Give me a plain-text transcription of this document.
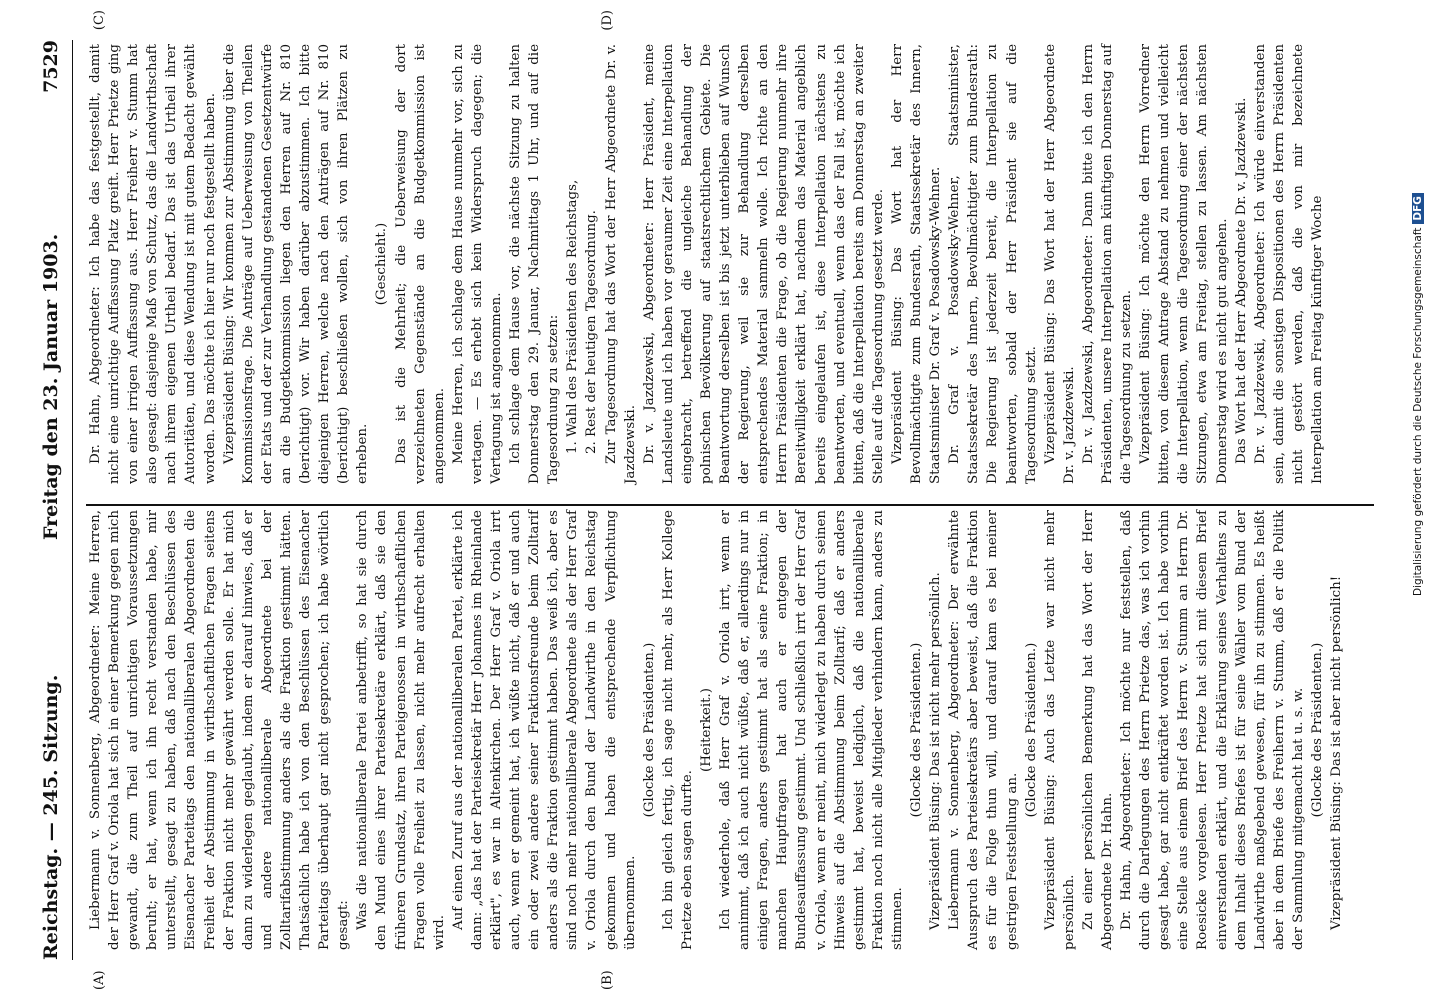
Reichstag. — 245. Sitzung.
Freitag den 23. Januar 1903.
7529
(A)	(B)
(C)	(D)

Liebermann v. Sonnenberg, Abgeordneter: Meine Herren, der Herr Graf v. Oriola hat sich in einer Bemerkung gegen mich gewandt, die zum Theil auf unrichtigen Voraussetzungen beruht; er hat, wenn ich ihn recht verstanden habe, mir unterstellt, gesagt zu haben, daß nach den Beschlüssen des Eisenacher Parteitags den nationalliberalen Abgeordneten die Freiheit der Abstimmung in wirthschaftlichen Fragen seitens der Fraktion nicht mehr gewährt werden solle. Er hat mich dann zu widerlegen geglaubt, indem er darauf hinwies, daß er und andere nationalliberale Abgeordnete bei der Zolltarifabstimmung anders als die Fraktion gestimmt hätten. Thatsächlich habe ich von den Beschlüssen des Eisenacher Parteitags überhaupt gar nicht gesprochen; ich habe wörtlich gesagt: Was die nationalliberale Partei anbetrifft, so hat sie durch den Mund eines ihrer Parteisekretäre erklärt, daß sie den früheren Grundsatz, ihren Parteigenossen in wirthschaftlichen Fragen volle Freiheit zu lassen, nicht mehr aufrecht erhalten wird.

Auf einen Zuruf aus der nationalliberalen Partei, erklärte ich dann: „das hat der Parteisekretär Herr Johannes im Rheinlande erklärt", es war in Altenkirchen. Der Herr Graf v. Oriola irrt auch, wenn er gemeint hat, ich wüßte nicht, daß er und auch ein oder zwei andere seiner Fraktionsfreunde beim Zolltarif anders als die Fraktion gestimmt haben. Das weiß ich, aber es sind noch mehr nationalliberale Abgeordnete als der Herr Graf v. Oriola durch den Bund der Landwirthe in den Reichstag gekommen und haben die entsprechende Verpflichtung übernommen.

(Glocke des Präsidenten.) Ich bin gleich fertig, ich sage nicht mehr, als Herr Kollege Prietze eben sagen durfte.

(Heiterkeit.) Ich wiederhole, daß Herr Graf v. Oriola irrt, wenn er annimmt, daß ich auch nicht wüßte, daß er, allerdings nur in einigen Fragen, anders gestimmt hat als seine Fraktion; in manchen Hauptfragen hat auch er entgegen der Bundesauffassung gestimmt. Und schließlich irrt der Herr Graf v. Oriola, wenn er meint, mich widerlegt zu haben durch seinen Hinweis auf die Abstimmung beim Zolltarif; daß er anders gestimmt hat, beweist lediglich, daß die nationalliberale Fraktion noch nicht alle Mitglieder verhindern kann, anders zu stimmen.

(Glocke des Präsidenten.) Vizepräsident Büsing: Das ist nicht mehr persönlich. Liebermann v. Sonnenberg, Abgeordneter: Der erwähnte Ausspruch des Parteisekretärs aber beweist, daß die Fraktion es für die Folge thun will, und darauf kam es bei meiner gestrigen Feststellung an.

(Glocke des Präsidenten.) Vizepräsident Büsing: Auch das Letzte war nicht mehr persönlich. Zu einer persönlichen Bemerkung hat das Wort der Herr Abgeordnete Dr. Hahn. Dr. Hahn, Abgeordneter: Ich möchte nur feststellen, daß durch die Darlegungen des Herrn Prietze das, was ich vorhin gesagt habe, gar nicht entkräftet worden ist. Ich habe vorhin eine Stelle aus einem Brief des Herrn v. Stumm an Herrn Dr. Roesicke vorgelesen. Herr Prietze hat sich mit diesem Brief einverstanden erklärt, und die Erklärung seines Verhaltens zu dem Inhalt dieses Briefes ist für seine Wähler vom Bund der Landwirthe maßgebend gewesen, für ihn zu stimmen. Es heißt aber in dem Briefe des Freiherrn v. Stumm, daß er die Politik der Sammlung mitgemacht hat u. s. w. (Glocke des Präsidenten.) Vizepräsident Büsing: Das ist aber nicht persönlich!

Dr. Hahn, Abgeordneter: Ich habe das festgestellt, damit nicht eine unrichtige Auffassung Platz greift. Herr Prietze ging von einer irrigen Auffassung aus. Herr Freiherr v. Stumm hat also gesagt: dasjenige Maß von Schutz, das die Landwirthschaft nach ihrem eigenen Urtheil bedarf. Das ist das Urtheil ihrer Autoritäten, und diese Wendung ist mit gutem Bedacht gewählt worden. Das möchte ich hier nur noch festgestellt haben. Vizepräsident Büsing: Wir kommen zur Abstimmung über die Kommissionsfrage. Die Anträge auf Ueberweisung von Theilen der Etats und der zur Verhandlung gestandenen Gesetzentwürfe an die Budgetkommission liegen den Herren auf Nr. 810 (berichtigt) vor. Wir haben darüber abzustimmen. Ich bitte diejenigen Herren, welche nach den Anträgen auf Nr. 810 (berichtigt) beschließen wollen, sich von ihren Plätzen zu erheben.

(Geschieht.) Das ist die Mehrheit; die Ueberweisung der dort verzeichneten Gegenstände an die Budgetkommission ist angenommen. Meine Herren, ich schlage dem Hause nunmehr vor, sich zu vertagen. — Es erhebt sich kein Widerspruch dagegen; die Vertagung ist angenommen. Ich schlage dem Hause vor, die nächste Sitzung zu halten Donnerstag den 29. Januar, Nachmittags 1 Uhr, und auf die Tagesordnung zu setzen: 1. Wahl des Präsidenten des Reichstags, 2. Rest der heutigen Tagesordnung. Zur Tagesordnung hat das Wort der Herr Abgeordnete Dr. v. Jazdzewski. Dr. v. Jazdzewski, Abgeordneter: Herr Präsident, meine Landsleute und ich haben vor geraumer Zeit eine Interpellation eingebracht, betreffend die ungleiche Behandlung der polnischen Bevölkerung auf staatsrechtlichem Gebiete. Die Beantwortung derselben ist bis jetzt unterblieben auf Wunsch der Regierung, weil sie zur Behandlung derselben entsprechendes Material sammeln wolle. Ich richte an den Herrn Präsidenten die Frage, ob die Regierung nunmehr ihre Bereitwilligkeit erklärt hat, nachdem das Material angeblich bereits eingelaufen ist, diese Interpellation nächstens zu beantworten, und eventuell, wenn das der Fall ist, möchte ich bitten, daß die Interpellation bereits am Donnerstag an zweiter Stelle auf die Tagesordnung gesetzt werde. Vizepräsident Büsing: Das Wort hat der Herr Bevollmächtigte zum Bundesrath, Staatssekretär des Innern, Staatsminister Dr. Graf v. Posadowsky-Wehner. Dr. Graf v. Posadowsky-Wehner, Staatsminister, Staatssekretär des Innern, Bevollmächtigter zum Bundesrath: Die Regierung ist jederzeit bereit, die Interpellation zu beantworten, sobald der Herr Präsident sie auf die Tagesordnung setzt. Vizepräsident Büsing: Das Wort hat der Herr Abgeordnete Dr. v. Jazdzewski. Dr. v. Jazdzewski, Abgeordneter: Dann bitte ich den Herrn Präsidenten, unsere Interpellation am künftigen Donnerstag auf die Tagesordnung zu setzen. Vizepräsident Büsing: Ich möchte den Herrn Vorredner bitten, von diesem Antrage Abstand zu nehmen und vielleicht die Interpellation, wenn die Tagesordnung einer der nächsten Sitzungen, etwa am Freitag, stellen zu lassen. Am nächsten Donnerstag wird es nicht gut angehen. Das Wort hat der Herr Abgeordnete Dr. v. Jazdzewski. Dr. v. Jazdzewski, Abgeordneter: Ich würde einverstanden sein, damit die sonstigen Dispositionen des Herrn Präsidenten nicht gestört werden, daß die von mir bezeichnete Interpellation am Freitag künftiger Woche	Digitalisierung gefördert durch die Deutsche ForschungsgemeinschaftDFG
